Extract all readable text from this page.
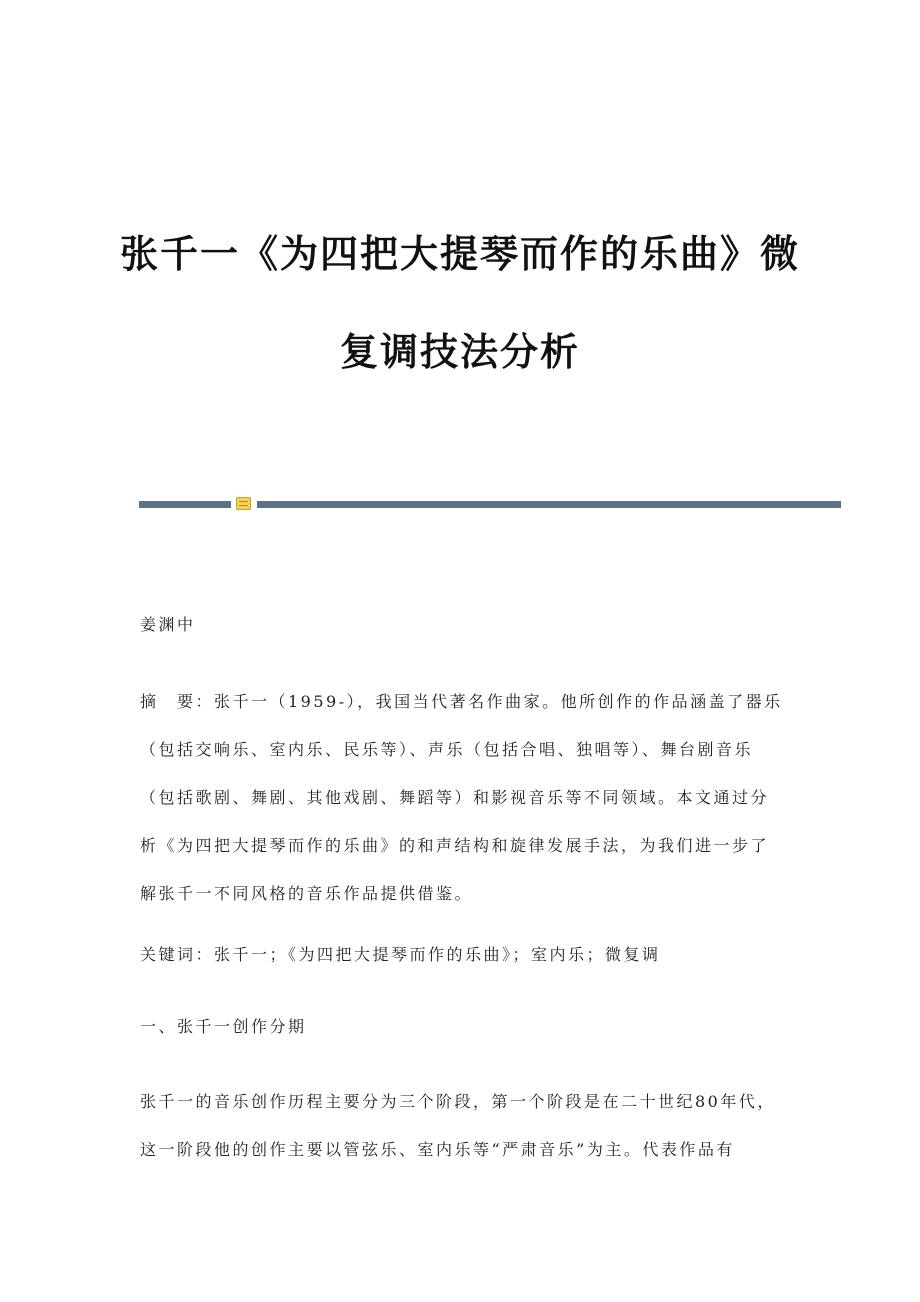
张千一《为四把大提琴而作的乐曲》微
复调技法分析
姜渊中
摘　要：张千一（1959-），我国当代著名作曲家。他所创作的作品涵盖了器乐
（包括交响乐、室内乐、民乐等）、声乐（包括合唱、独唱等）、舞台剧音乐
（包括歌剧、舞剧、其他戏剧、舞蹈等）和影视音乐等不同领域。本文通过分
析《为四把大提琴而作的乐曲》的和声结构和旋律发展手法，为我们进一步了
解张千一不同风格的音乐作品提供借鉴。
关键词：张千一；《为四把大提琴而作的乐曲》；室内乐；微复调
一、张千一创作分期
张千一的音乐创作历程主要分为三个阶段，第一个阶段是在二十世纪80年代，
这一阶段他的创作主要以管弦乐、室内乐等“严肃音乐”为主。代表作品有
